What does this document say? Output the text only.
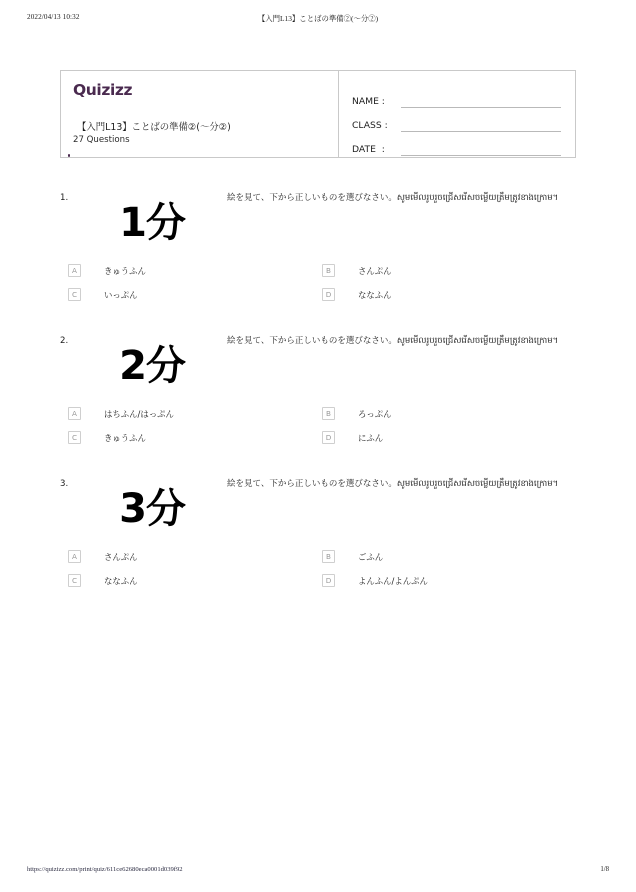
2022/04/13 10:32	【入門L13】ことばの準備②(〜分②)
Quizizz
【入門L13】ことばの準備②(〜分②)
27 Questions
NAME :
CLASS :
DATE  :
1.
1分
絵を見て、下から正しいものを選びなさい。សូមមើលរូបរួចជ្រើសរើសចម្លើយត្រឹមត្រូវខាងក្រោម។
A	きゅうふん	B	さんぷん
C	いっぷん	D	ななふん
2.
2分
絵を見て、下から正しいものを選びなさい。សូមមើលរូបរួចជ្រើសរើសចម្លើយត្រឹមត្រូវខាងក្រោម។
A	はちふん/はっぷん	B	ろっぷん
C	きゅうふん	D	にふん
3.
3分
絵を見て、下から正しいものを選びなさい。សូមមើលរូបរួចជ្រើសរើសចម្លើយត្រឹមត្រូវខាងក្រោម។
A	さんぷん	B	ごふん
C	ななふん	D	よんふん/よんぷん
https://quizizz.com/print/quiz/611ce62680eca0001d039f92	1/8
